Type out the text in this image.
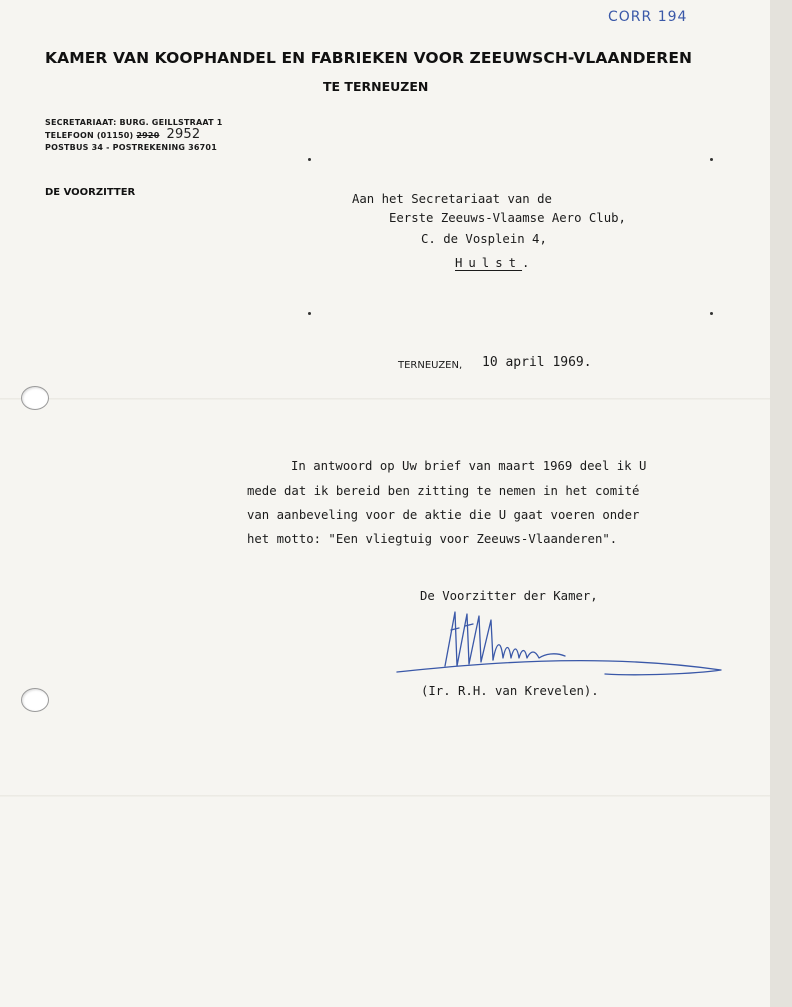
CORR 194
KAMER VAN KOOPHANDEL EN FABRIEKEN VOOR ZEEUWSCH-VLAANDEREN
TE TERNEUZEN
SECRETARIAAT: BURG. GEILLSTRAAT 1
TELEFOON (01150) 2920 2952
POSTBUS 34 - POSTREKENING 36701
DE VOORZITTER	Aan het Secretariaat van de
Eerste Zeeuws-Vlaamse Aero Club,
C. de Vosplein 4,
Hulst.
TERNEUZEN, 10 april 1969.
In antwoord op Uw brief van maart 1969 deel ik U
mede dat ik bereid ben zitting te nemen in het comité
van aanbeveling voor de aktie die U gaat voeren onder
het motto: "Een vliegtuig voor Zeeuws-Vlaanderen".
De Voorzitter der Kamer,
(Ir. R.H. van Krevelen).
